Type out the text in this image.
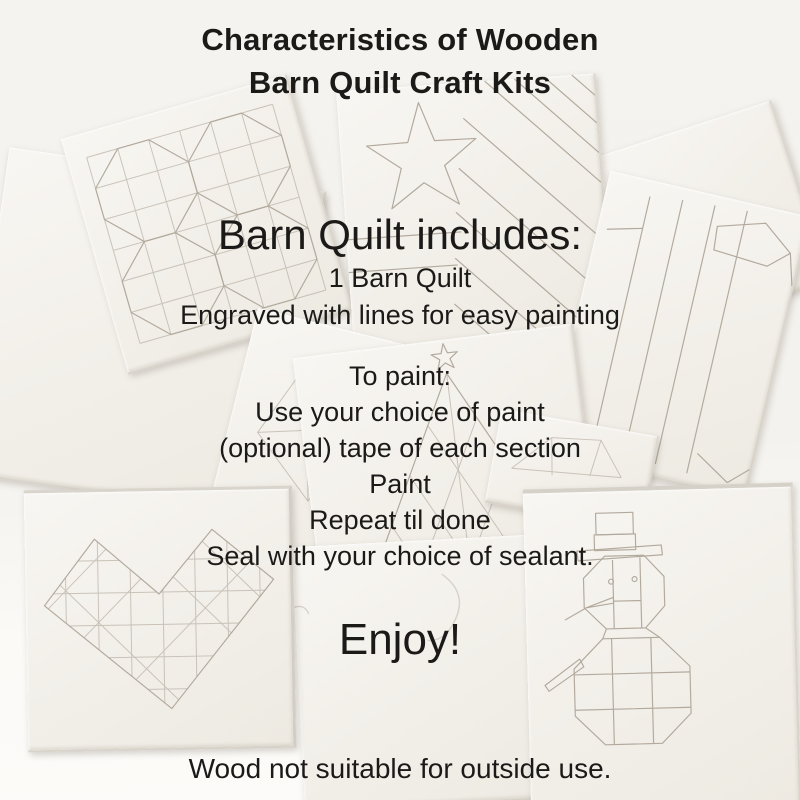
Characteristics of Wooden
Barn Quilt Craft Kits
Barn Quilt includes:
1 Barn Quilt
Engraved with lines for easy painting
To paint:
Use your choice of paint
(optional) tape of each section
Paint
Repeat til done
Seal with your choice of sealant.
Enjoy!
Wood not suitable for outside use.
